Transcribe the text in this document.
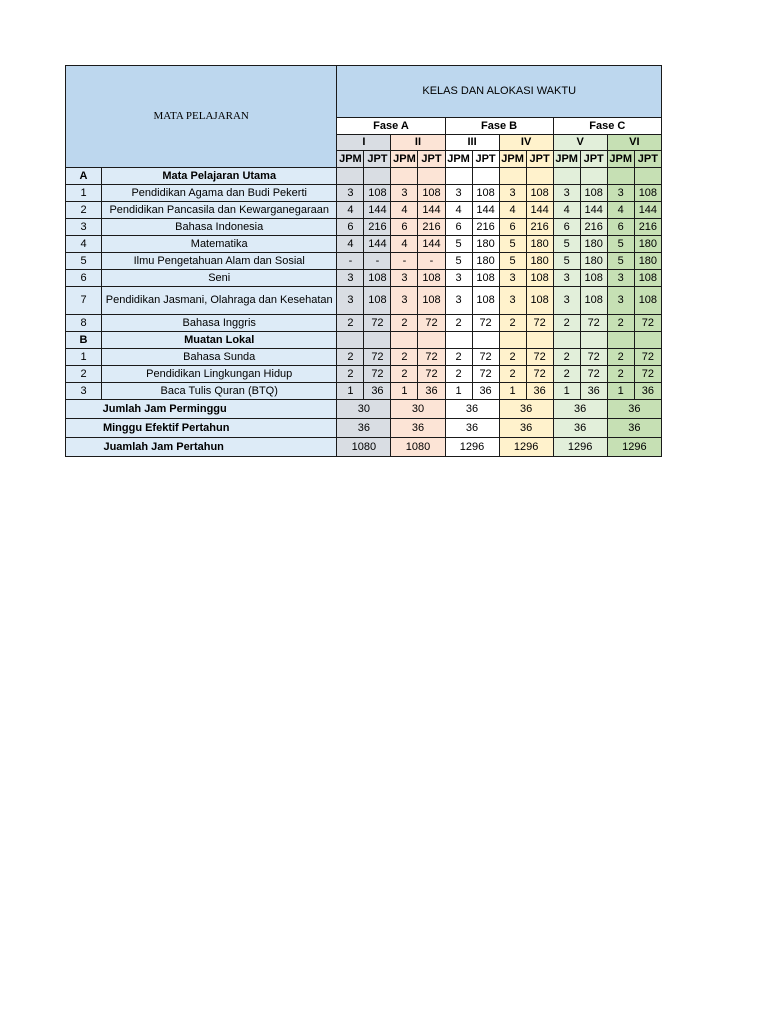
MATA PELAJARAN		KELAS DAN ALOKASI WAKTU											
		Fase A				Fase B				Fase C			
		I		II		III		IV		V		VI	
		JPM	JPT	JPM	JPT	JPM	JPT	JPM	JPT	JPM	JPT	JPM	JPT
A	Mata Pelajaran Utama												
1	Pendidikan Agama dan Budi Pekerti	3	108	3	108	3	108	3	108	3	108	3	108
2	Pendidikan Pancasila dan Kewarganegaraan	4	144	4	144	4	144	4	144	4	144	4	144
3	Bahasa Indonesia	6	216	6	216	6	216	6	216	6	216	6	216
4	Matematika	4	144	4	144	5	180	5	180	5	180	5	180
5	Ilmu Pengetahuan Alam dan Sosial	-	-	-	-	5	180	5	180	5	180	5	180
6	Seni	3	108	3	108	3	108	3	108	3	108	3	108
7	Pendidikan Jasmani, Olahraga dan Kesehatan	3	108	3	108	3	108	3	108	3	108	3	108
8	Bahasa Inggris	2	72	2	72	2	72	2	72	2	72	2	72
B	Muatan Lokal												
1	Bahasa Sunda	2	72	2	72	2	72	2	72	2	72	2	72
2	Pendidikan Lingkungan Hidup	2	72	2	72	2	72	2	72	2	72	2	72
3	Baca Tulis Quran (BTQ)	1	36	1	36	1	36	1	36	1	36	1	36
Jumlah Jam Perminggu		30		30		36		36		36		36	
Minggu Efektif Pertahun		36		36		36		36		36		36	
Juamlah Jam Pertahun		1080		1080		1296		1296		1296		1296	
